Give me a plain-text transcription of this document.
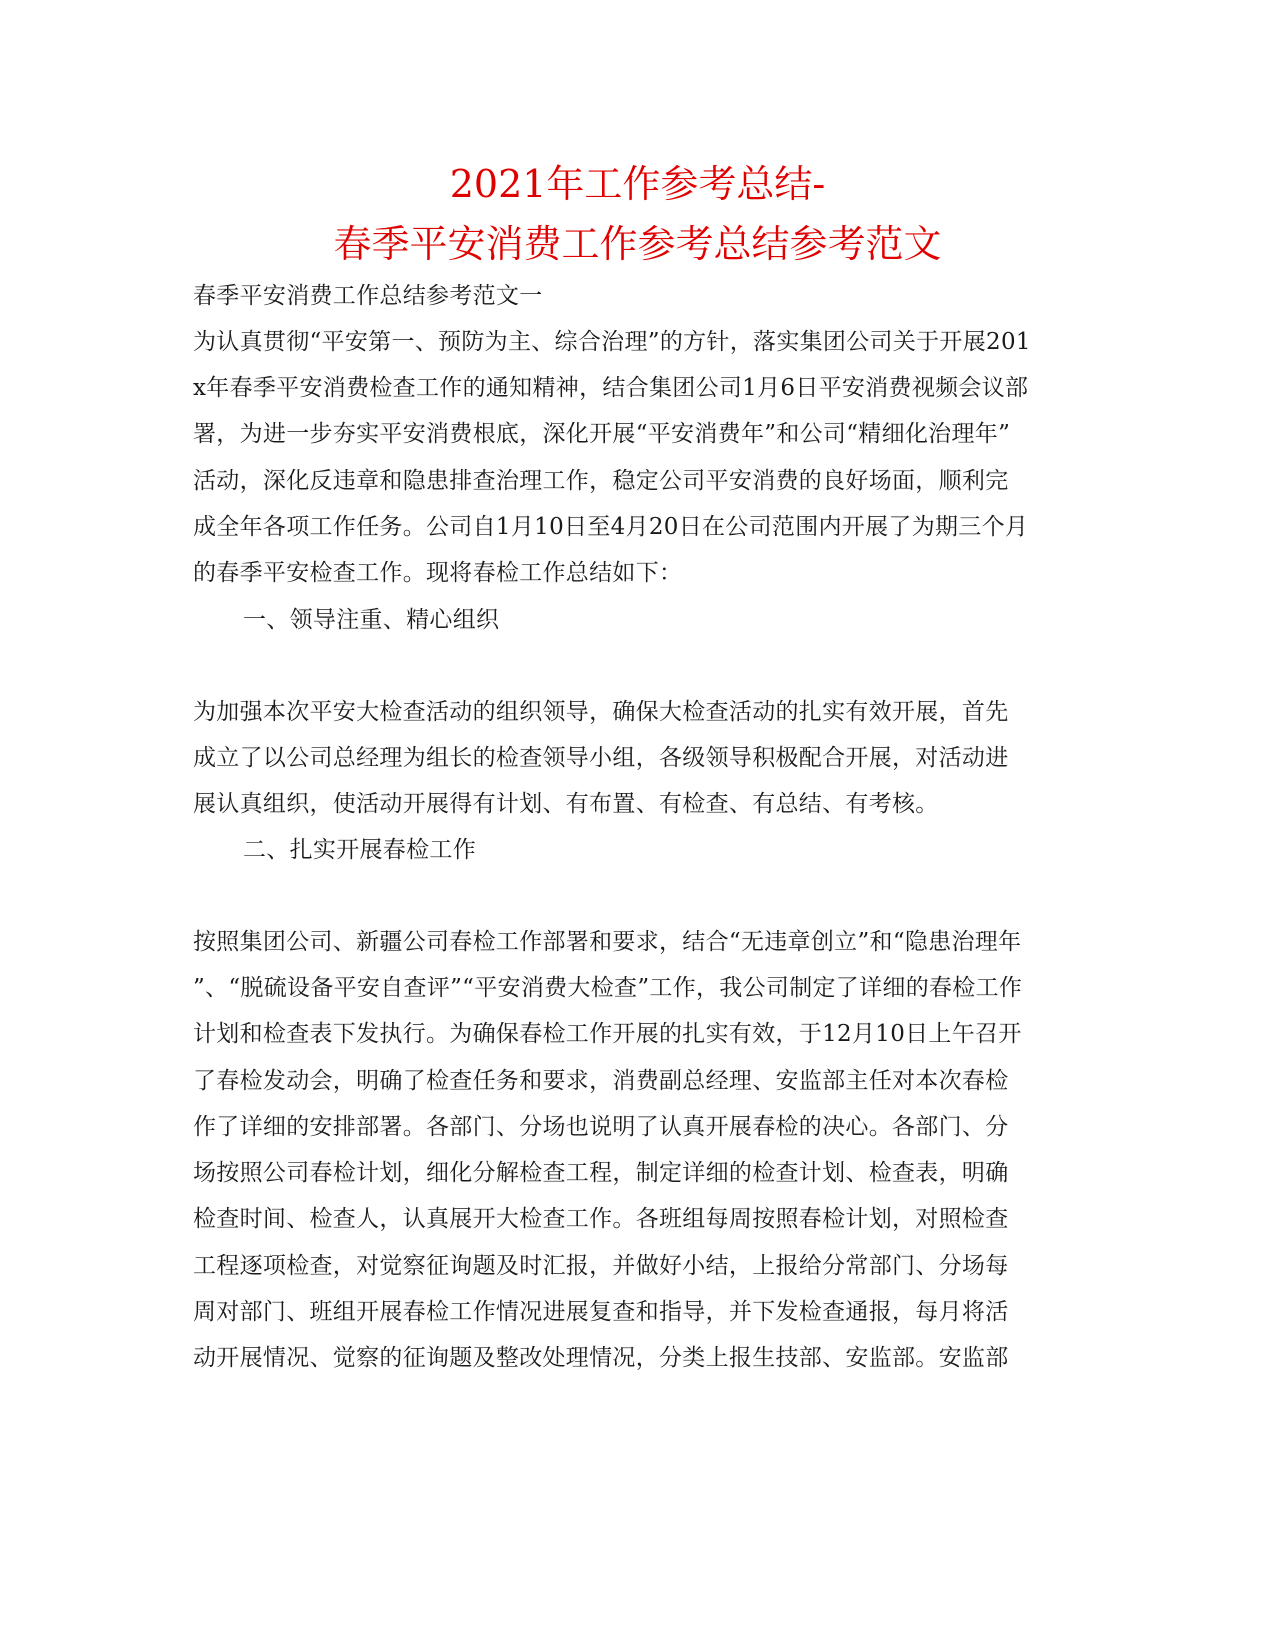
2021年工作参考总结-
春季平安消费工作参考总结参考范文
春季平安消费工作总结参考范文一
为认真贯彻“平安第一、预防为主、综合治理”的方针，落实集团公司关于开展201
x年春季平安消费检查工作的通知精神，结合集团公司1月6日平安消费视频会议部
署，为进一步夯实平安消费根底，深化开展“平安消费年”和公司“精细化治理年”
活动，深化反违章和隐患排查治理工作，稳定公司平安消费的良好场面，顺利完
成全年各项工作任务。公司自1月10日至4月20日在公司范围内开展了为期三个月
的春季平安检查工作。现将春检工作总结如下：
一、领导注重、精心组织
为加强本次平安大检查活动的组织领导，确保大检查活动的扎实有效开展，首先
成立了以公司总经理为组长的检查领导小组，各级领导积极配合开展，对活动进
展认真组织，使活动开展得有计划、有布置、有检查、有总结、有考核。
二、扎实开展春检工作
按照集团公司、新疆公司春检工作部署和要求，结合“无违章创立”和“隐患治理年
”、“脱硫设备平安自查评”“平安消费大检查”工作，我公司制定了详细的春检工作
计划和检查表下发执行。为确保春检工作开展的扎实有效，于12月10日上午召开
了春检发动会，明确了检查任务和要求，消费副总经理、安监部主任对本次春检
作了详细的安排部署。各部门、分场也说明了认真开展春检的决心。各部门、分
场按照公司春检计划，细化分解检查工程，制定详细的检查计划、检查表，明确
检查时间、检查人，认真展开大检查工作。各班组每周按照春检计划，对照检查
工程逐项检查，对觉察征询题及时汇报，并做好小结，上报给分常部门、分场每
周对部门、班组开展春检工作情况进展复查和指导，并下发检查通报，每月将活
动开展情况、觉察的征询题及整改处理情况，分类上报生技部、安监部。安监部
